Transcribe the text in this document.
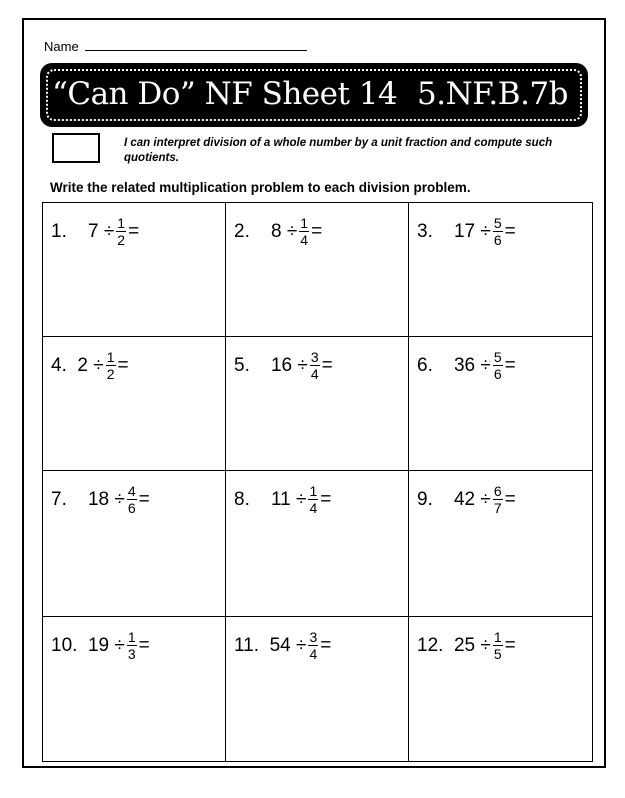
Name
“Can Do” NF Sheet 14 5.NF.B.7b
I can interpret division of a whole number by a unit fraction and compute such quotients.
Write the related multiplication problem to each division problem.
1.
7
÷ $\frac{1}{2}$ =	2.
8
÷ $\frac{1}{4}$ =	3.
17
÷ $\frac{5}{6}$ =
4.
2
÷ $\frac{1}{2}$ =	5.
16
÷ $\frac{3}{4}$ =	6.
36
÷ $\frac{5}{6}$ =
7.
18
÷ $\frac{4}{6}$ =	8.
11
÷ $\frac{1}{4}$ =	9.
42
÷ $\frac{6}{7}$ =
10.
19
÷ $\frac{1}{3}$ =	11.
54
÷ $\frac{3}{4}$ =	12.
25
÷ $\frac{1}{5}$ =
